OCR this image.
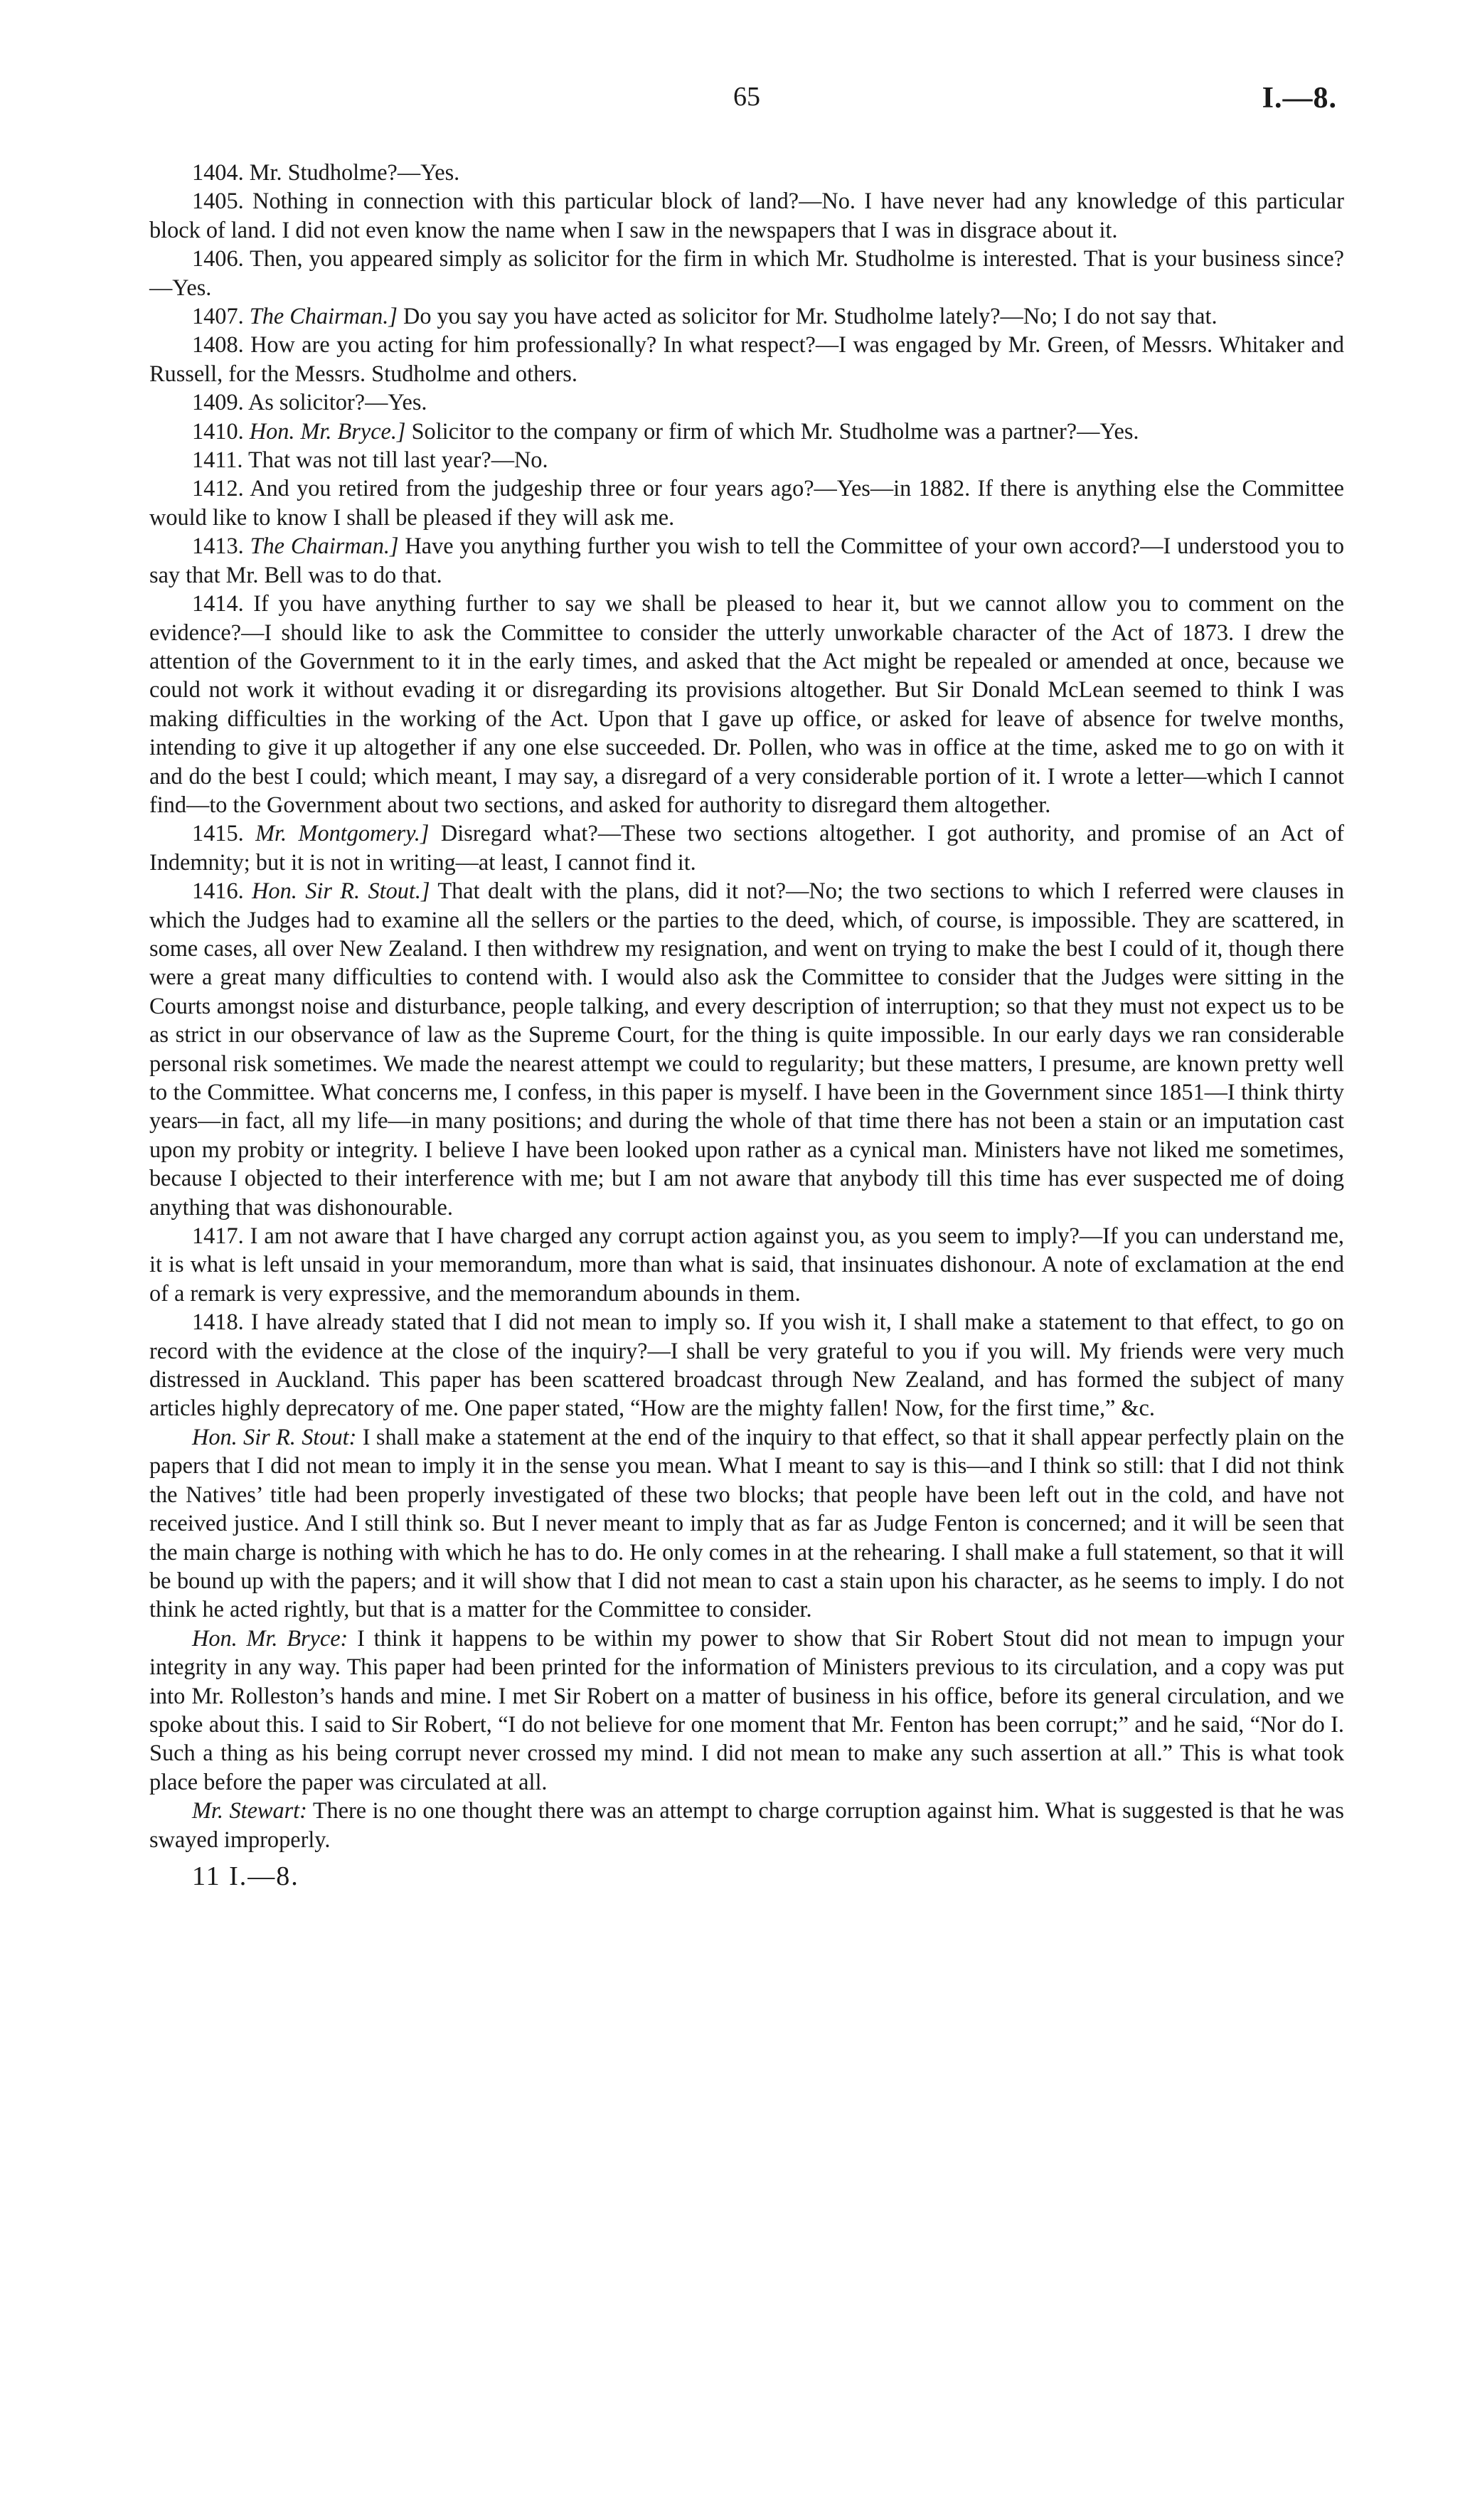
65	I.—8.

1404. Mr. Studholme?—Yes.

1405. Nothing in connection with this particular block of land?—No. I have never had any knowledge of this particular block of land. I did not even know the name when I saw in the newspapers that I was in disgrace about it.

1406. Then, you appeared simply as solicitor for the firm in which Mr. Studholme is interested. That is your business since?—Yes.

1407. The Chairman.] Do you say you have acted as solicitor for Mr. Studholme lately?—No; I do not say that.

1408. How are you acting for him professionally? In what respect?—I was engaged by Mr. Green, of Messrs. Whitaker and Russell, for the Messrs. Studholme and others.

1409. As solicitor?—Yes.

1410. Hon. Mr. Bryce.] Solicitor to the company or firm of which Mr. Studholme was a partner?—Yes.

1411. That was not till last year?—No.

1412. And you retired from the judgeship three or four years ago?—Yes—in 1882. If there is anything else the Committee would like to know I shall be pleased if they will ask me.

1413. The Chairman.] Have you anything further you wish to tell the Committee of your own accord?—I understood you to say that Mr. Bell was to do that.

1414. If you have anything further to say we shall be pleased to hear it, but we cannot allow you to comment on the evidence?—I should like to ask the Committee to consider the utterly unworkable character of the Act of 1873. I drew the attention of the Government to it in the early times, and asked that the Act might be repealed or amended at once, because we could not work it without evading it or disregarding its provisions altogether. But Sir Donald McLean seemed to think I was making difficulties in the working of the Act. Upon that I gave up office, or asked for leave of absence for twelve months, intending to give it up altogether if any one else succeeded. Dr. Pollen, who was in office at the time, asked me to go on with it and do the best I could; which meant, I may say, a disregard of a very considerable portion of it. I wrote a letter—which I cannot find—to the Government about two sections, and asked for authority to disregard them altogether.

1415. Mr. Montgomery.] Disregard what?—These two sections altogether. I got authority, and promise of an Act of Indemnity; but it is not in writing—at least, I cannot find it.

1416. Hon. Sir R. Stout.] That dealt with the plans, did it not?—No; the two sections to which I referred were clauses in which the Judges had to examine all the sellers or the parties to the deed, which, of course, is impossible. They are scattered, in some cases, all over New Zealand. I then withdrew my resignation, and went on trying to make the best I could of it, though there were a great many difficulties to contend with. I would also ask the Committee to consider that the Judges were sitting in the Courts amongst noise and disturbance, people talking, and every description of interruption; so that they must not expect us to be as strict in our observance of law as the Supreme Court, for the thing is quite impossible. In our early days we ran considerable personal risk sometimes. We made the nearest attempt we could to regularity; but these matters, I presume, are known pretty well to the Committee. What concerns me, I confess, in this paper is myself. I have been in the Government since 1851—I think thirty years—in fact, all my life—in many positions; and during the whole of that time there has not been a stain or an imputation cast upon my probity or integrity. I believe I have been looked upon rather as a cynical man. Ministers have not liked me sometimes, because I objected to their interference with me; but I am not aware that anybody till this time has ever suspected me of doing anything that was dishonourable.

1417. I am not aware that I have charged any corrupt action against you, as you seem to imply?—If you can understand me, it is what is left unsaid in your memorandum, more than what is said, that insinuates dishonour. A note of exclamation at the end of a remark is very expressive, and the memorandum abounds in them.

1418. I have already stated that I did not mean to imply so. If you wish it, I shall make a statement to that effect, to go on record with the evidence at the close of the inquiry?—I shall be very grateful to you if you will. My friends were very much distressed in Auckland. This paper has been scattered broadcast through New Zealand, and has formed the subject of many articles highly deprecatory of me. One paper stated, “How are the mighty fallen! Now, for the first time,” &c.

Hon. Sir R. Stout: I shall make a statement at the end of the inquiry to that effect, so that it shall appear perfectly plain on the papers that I did not mean to imply it in the sense you mean. What I meant to say is this—and I think so still: that I did not think the Natives’ title had been properly investigated of these two blocks; that people have been left out in the cold, and have not received justice. And I still think so. But I never meant to imply that as far as Judge Fenton is concerned; and it will be seen that the main charge is nothing with which he has to do. He only comes in at the rehearing. I shall make a full statement, so that it will be bound up with the papers; and it will show that I did not mean to cast a stain upon his character, as he seems to imply. I do not think he acted rightly, but that is a matter for the Committee to consider.

Hon. Mr. Bryce: I think it happens to be within my power to show that Sir Robert Stout did not mean to impugn your integrity in any way. This paper had been printed for the information of Ministers previous to its circulation, and a copy was put into Mr. Rolleston’s hands and mine. I met Sir Robert on a matter of business in his office, before its general circulation, and we spoke about this. I said to Sir Robert, “I do not believe for one moment that Mr. Fenton has been corrupt;” and he said, “Nor do I. Such a thing as his being corrupt never crossed my mind. I did not mean to make any such assertion at all.” This is what took place before the paper was circulated at all.

Mr. Stewart: There is no one thought there was an attempt to charge corruption against him. What is suggested is that he was swayed improperly.

11 I.—8.
